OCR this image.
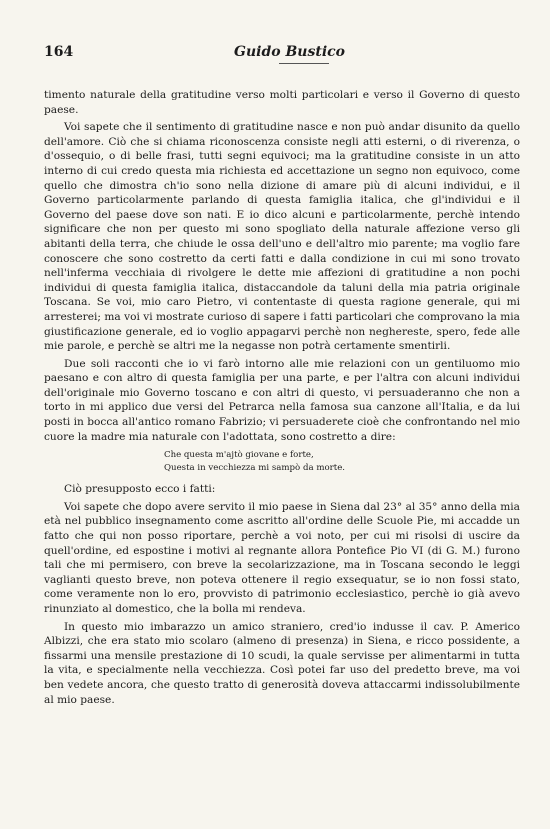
164	Guido Bustico

timento naturale della gratitudine verso molti particolari e verso il Governo di questo paese.

Voi sapete che il sentimento di gratitudine nasce e non può andar disunito da quello dell'amore. Ciò che si chiama riconoscenza consiste negli atti esterni, o di riverenza, o d'ossequio, o di belle frasi, tutti segni equivoci; ma la gratitudine consiste in un atto interno di cui credo questa mia richiesta ed accettazione un segno non equivoco, come quello che dimostra ch'io sono nella dizione di amare più di alcuni individui, e il Governo particolarmente parlando di questa famiglia italica, che gl'individui e il Governo del paese dove son nati. E io dico alcuni e particolarmente, perchè intendo significare che non per questo mi sono spogliato della naturale affezione verso gli abitanti della terra, che chiude le ossa dell'uno e dell'altro mio parente; ma voglio fare conoscere che sono costretto da certi fatti e dalla condizione in cui mi sono trovato nell'inferma vecchiaia di rivolgere le dette mie affezioni di gratitudine a non pochi individui di questa famiglia italica, distaccandole da taluni della mia patria originale Toscana. Se voi, mio caro Pietro, vi contentaste di questa ragione generale, qui mi arresterei; ma voi vi mostrate curioso di sapere i fatti particolari che comprovano la mia giustificazione generale, ed io voglio appagarvi perchè non neghereste, spero, fede alle mie parole, e perchè se altri me la negasse non potrà certamente smentirli.

Due soli racconti che io vi farò intorno alle mie relazioni con un gentiluomo mio paesano e con altro di questa famiglia per una parte, e per l'altra con alcuni individui dell'originale mio Governo toscano e con altri di questo, vi persuaderanno che non a torto in mi applico due versi del Petrarca nella famosa sua canzone all'Italia, e da lui posti in bocca all'antico romano Fabrizio; vi persuaderete cioè che confrontando nel mio cuore la madre mia naturale con l'adottata, sono costretto a dire:

Che questa m'ajtò giovane e forte,
Questa in vecchiezza mi sampò da morte.

Ciò presupposto ecco i fatti:

Voi sapete che dopo avere servito il mio paese in Siena dal 23° al 35° anno della mia età nel pubblico insegnamento come ascritto all'ordine delle Scuole Pie, mi accadde un fatto che qui non posso riportare, perchè a voi noto, per cui mi risolsi di uscire da quell'ordine, ed espostine i motivi al regnante allora Pontefice Pio VI (di G. M.) furono tali che mi permisero, con breve la secolarizzazione, ma in Toscana secondo le leggi vaglianti questo breve, non poteva ottenere il regio exsequatur, se io non fossi stato, come veramente non lo ero, provvisto di patrimonio ecclesiastico, perchè io già avevo rinunziato al domestico, che la bolla mi rendeva.

In questo mio imbarazzo un amico straniero, cred'io indusse il cav. P. Americo Albizzi, che era stato mio scolaro (almeno di presenza) in Siena, e ricco possidente, a fissarmi una mensile prestazione di 10 scudi, la quale servisse per alimentarmi in tutta la vita, e specialmente nella vecchiezza. Così potei far uso del predetto breve, ma voi ben vedete ancora, che questo tratto di generosità doveva attaccarmi indissolubilmente al mio paese.
